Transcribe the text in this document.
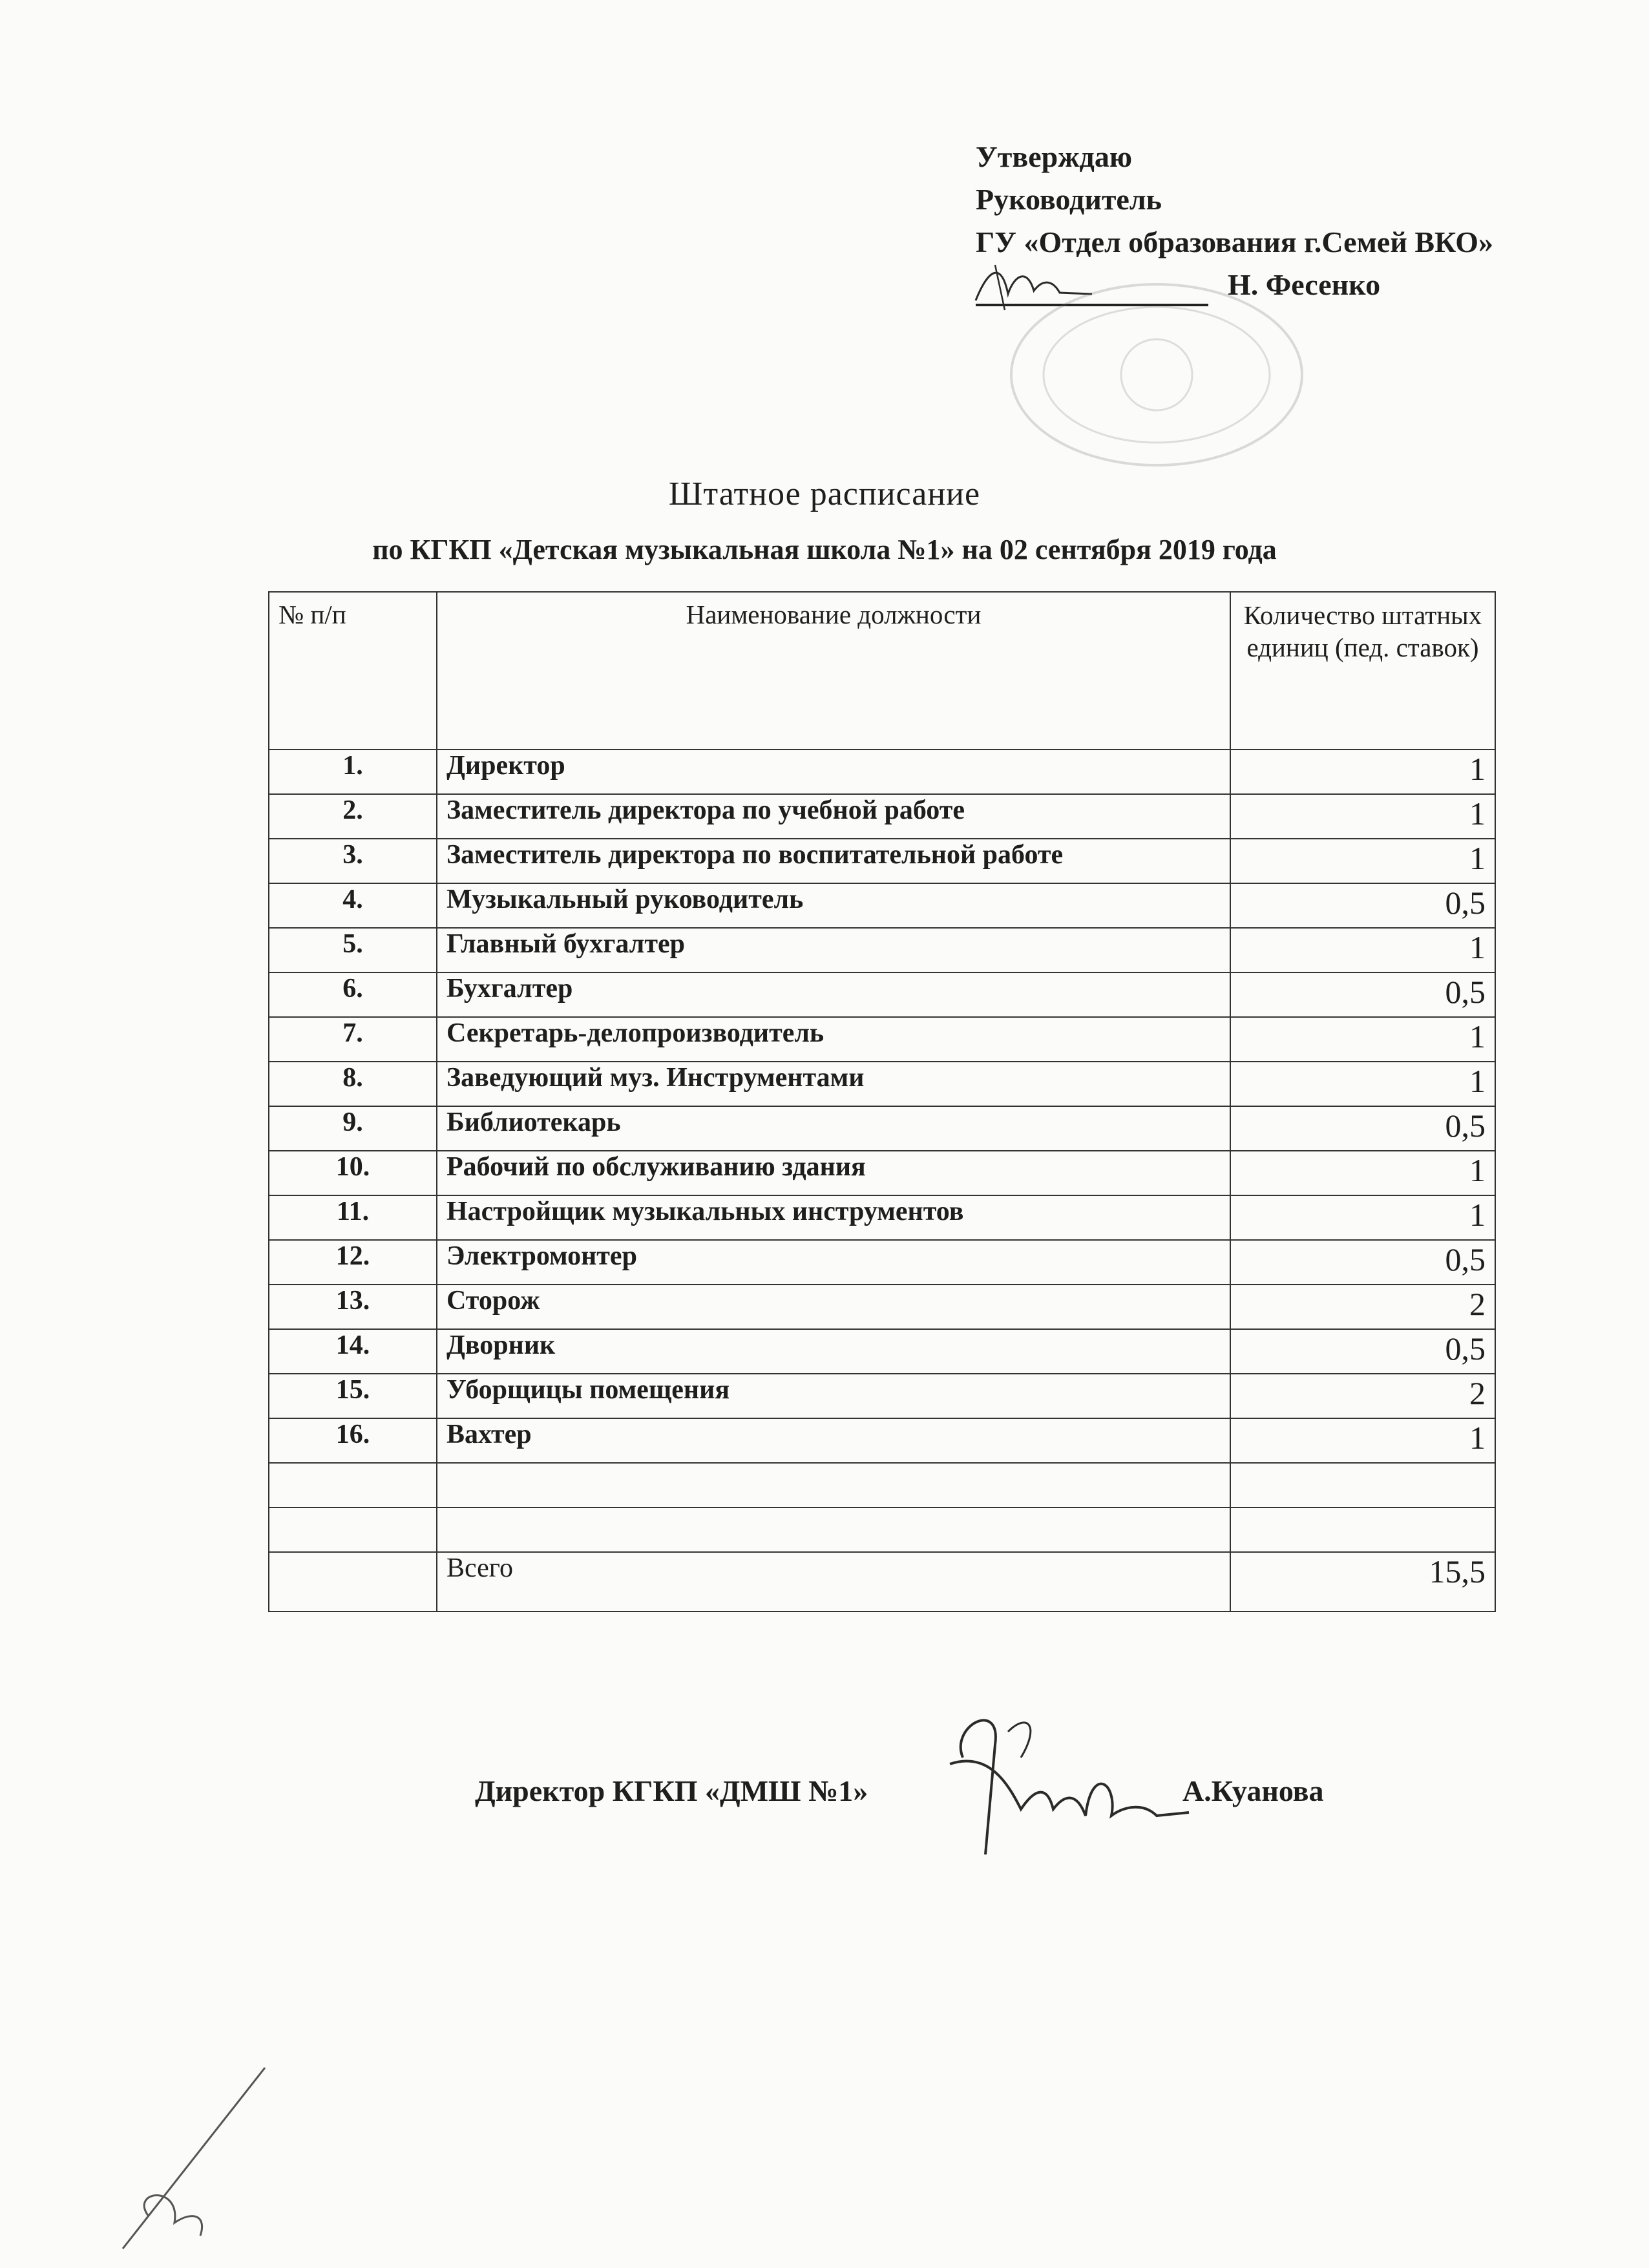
Утверждаю
Руководитель
ГУ «Отдел образования г.Семей ВКО»
Н. Фесенко
Штатное расписание
по КГКП «Детская музыкальная школа №1» на 02 сентября 2019 года
№ п/п	Наименование должности	Количество штатных единиц (пед. ставок)
1.	Директор	1
2.	Заместитель директора по учебной работе	1
3.	Заместитель директора по воспитательной работе	1
4.	Музыкальный руководитель	0,5
5.	Главный бухгалтер	1
6.	Бухгалтер	0,5
7.	Секретарь-делопроизводитель	1
8.	Заведующий муз. Инструментами	1
9.	Библиотекарь	0,5
10.	Рабочий по обслуживанию здания	1
11.	Настройщик музыкальных инструментов	1
12.	Электромонтер	0,5
13.	Сторож	2
14.	Дворник	0,5
15.	Уборщицы помещения	2
16.	Вахтер	1

	Всего	15,5
Директор КГКП «ДМШ №1»	А.Куанова
